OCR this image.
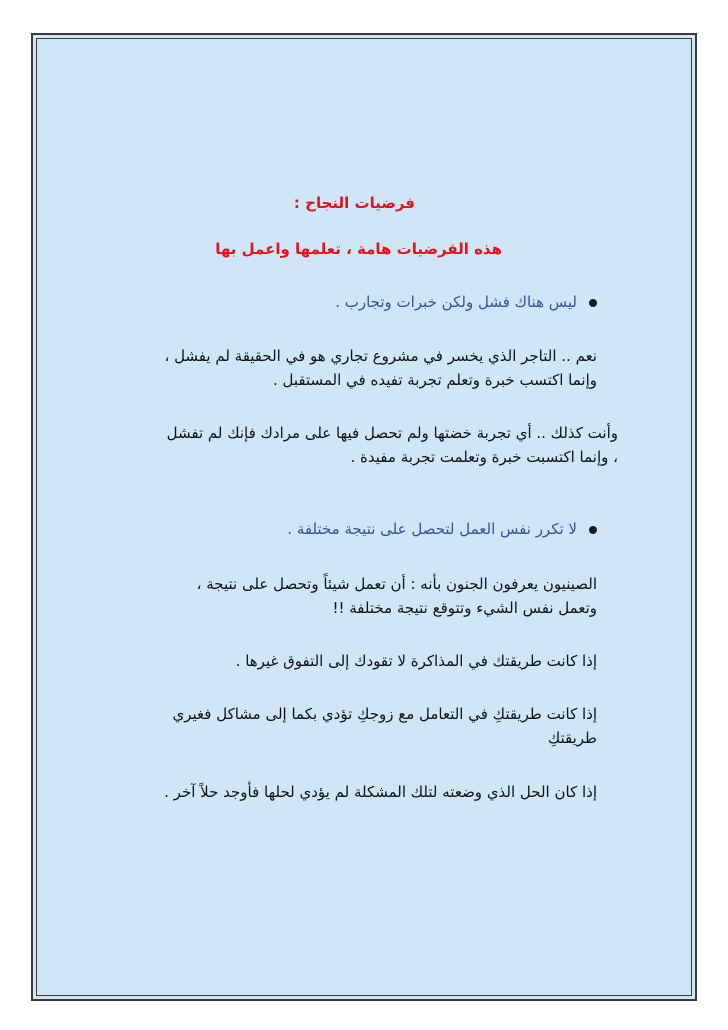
فرضيات النجاح :
هذه الفرضيات هامة ، تعلمها واعمل بها
ليس هناك فشل ولكن خبرات وتجارب .
نعم .. التاجر الذي يخسر في مشروع تجاري هو في الحقيقة لم يفشل ،
وإنما اكتسب خبرة وتعلم تجربة تفيده في المستقبل .
وأنت كذلك .. أي تجربة خضتها ولم تحصل فيها على مرادك فإنك لم تفشل
، وإنما اكتسبت خبرة وتعلمت تجربة مفيدة .
لا تكرر نفس العمل لتحصل على نتيجة مختلفة .
الصينيون يعرفون الجنون بأنه : أن تعمل شيئاً وتحصل على نتيجة ،
وتعمل نفس الشيء وتتوقع نتيجة مختلفة !!
إذا كانت طريقتك في المذاكرة لا تقودك إلى التفوق غيرها .
إذا كانت طريقتكِ في التعامل مع زوجكِ تؤدي بكما إلى مشاكل فغيري
طريقتكِ
إذا كان الحل الذي وضعته لتلك المشكلة لم يؤدي لحلها فأوجد حلاً آخر .
